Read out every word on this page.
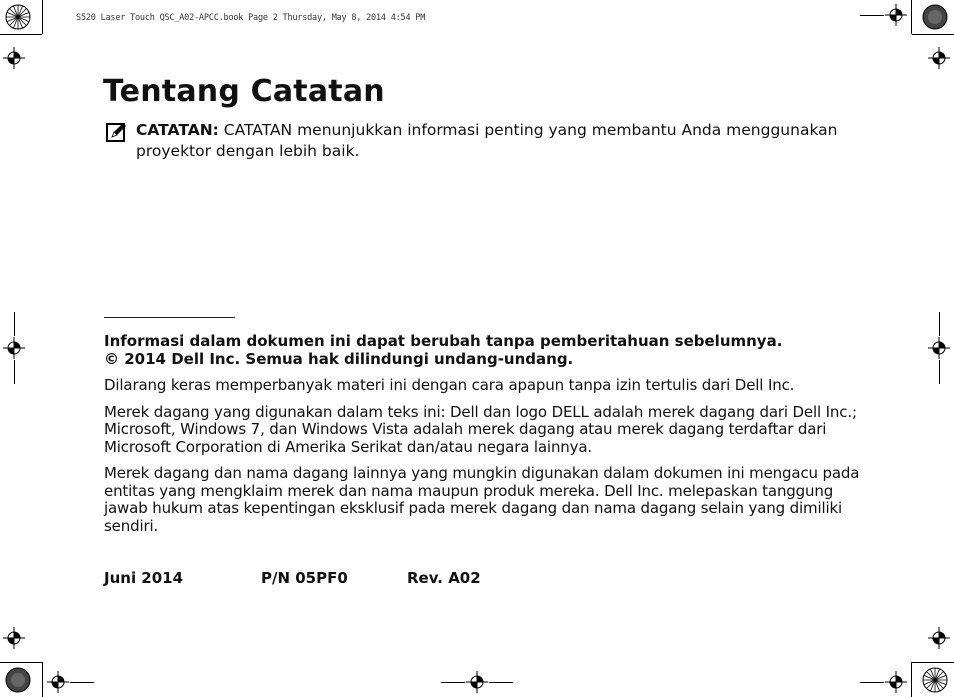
S520 Laser Touch QSC_A02-APCC.book Page 2 Thursday, May 8, 2014 4:54 PM
Tentang Catatan
CATATAN: CATATAN menunjukkan informasi penting yang membantu Anda menggunakan proyektor dengan lebih baik.

Informasi dalam dokumen ini dapat berubah tanpa pemberitahuan sebelumnya.

© 2014 Dell Inc. Semua hak dilindungi undang-undang.

Dilarang keras memperbanyak materi ini dengan cara apapun tanpa izin tertulis dari Dell Inc.

Merek dagang yang digunakan dalam teks ini: Dell dan logo DELL adalah merek dagang dari Dell Inc.; Microsoft, Windows 7, dan Windows Vista adalah merek dagang atau merek dagang terdaftar dari Microsoft Corporation di Amerika Serikat dan/atau negara lainnya.

Merek dagang dan nama dagang lainnya yang mungkin digunakan dalam dokumen ini mengacu pada entitas yang mengklaim merek dan nama maupun produk mereka. Dell Inc. melepaskan tanggung jawab hukum atas kepentingan eksklusif pada merek dagang dan nama dagang selain yang dimiliki sendiri.

Juni 2014	P/N 05PF0	Rev. A02
